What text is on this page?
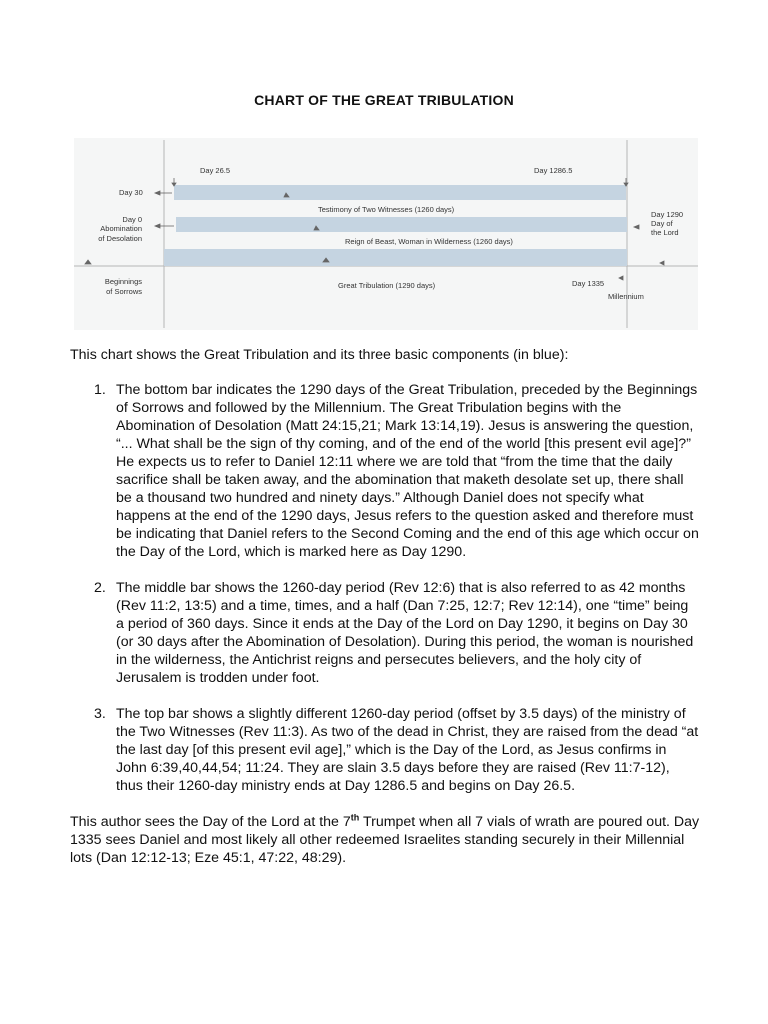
CHART OF THE GREAT TRIBULATION
Day 26.5	Day 1286.5
Day 30
Day 0
Abomination
of Desolation
Testimony of Two Witnesses (1260 days)
Reign of Beast, Woman in Wilderness (1260 days)
Great Tribulation (1290 days)
Day 1290
Day of
the Lord
Beginnings
of Sorrows
Day 1335
Millennium

This chart shows the Great Tribulation and its three basic components (in blue):

1. The bottom bar indicates the 1290 days of the Great Tribulation, preceded by the Beginnings of Sorrows and followed by the Millennium. The Great Tribulation begins with the Abomination of Desolation (Matt 24:15,21; Mark 13:14,19). Jesus is answering the question, “... What shall be the sign of thy coming, and of the end of the world [this present evil age]?” He expects us to refer to Daniel 12:11 where we are told that “from the time that the daily sacrifice shall be taken away, and the abomination that maketh desolate set up, there shall be a thousand two hundred and ninety days.” Although Daniel does not specify what happens at the end of the 1290 days, Jesus refers to the question asked and therefore must be indicating that Daniel refers to the Second Coming and the end of this age which occur on the Day of the Lord, which is marked here as Day 1290.
2. The middle bar shows the 1260-day period (Rev 12:6) that is also referred to as 42 months (Rev 11:2, 13:5) and a time, times, and a half (Dan 7:25, 12:7; Rev 12:14), one “time” being a period of 360 days. Since it ends at the Day of the Lord on Day 1290, it begins on Day 30 (or 30 days after the Abomination of Desolation). During this period, the woman is nourished in the wilderness, the Antichrist reigns and persecutes believers, and the holy city of Jerusalem is trodden under foot.
3. The top bar shows a slightly different 1260-day period (offset by 3.5 days) of the ministry of the Two Witnesses (Rev 11:3). As two of the dead in Christ, they are raised from the dead “at the last day [of this present evil age],” which is the Day of the Lord, as Jesus confirms in John 6:39,40,44,54; 11:24. They are slain 3.5 days before they are raised (Rev 11:7-12), thus their 1260-day ministry ends at Day 1286.5 and begins on Day 26.5.

This author sees the Day of the Lord at the 7th Trumpet when all 7 vials of wrath are poured out. Day 1335 sees Daniel and most likely all other redeemed Israelites standing securely in their Millennial lots (Dan 12:12-13; Eze 45:1, 47:22, 48:29).
